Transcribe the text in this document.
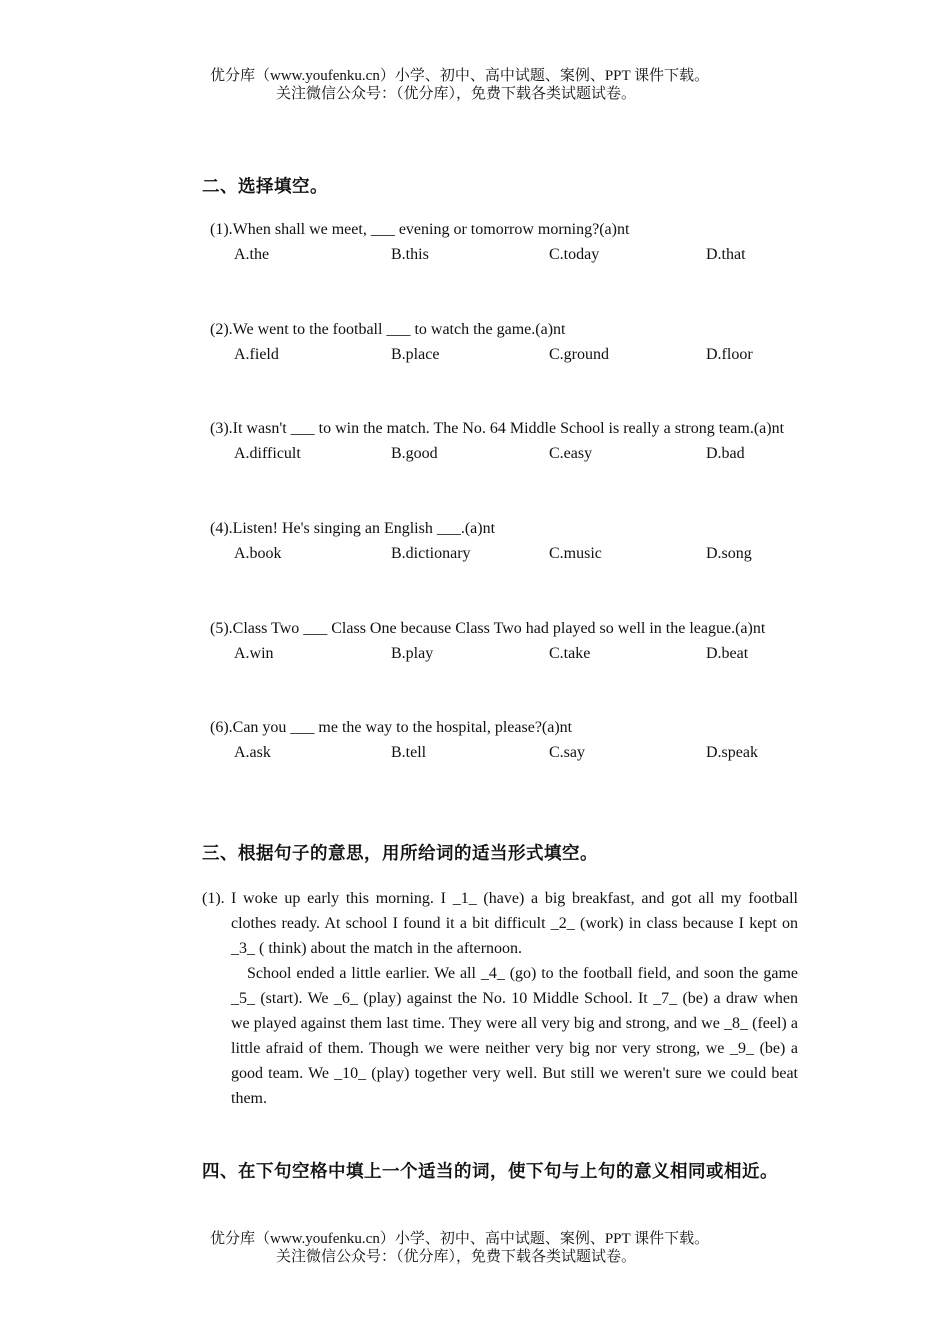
优分库（www.youfenku.cn）小学、初中、高中试题、案例、PPT 课件下载。
关注微信公众号：（优分库），免费下载各类试题试卷。
二、选择填空。
(1).When shall we meet, ___ evening or tomorrow morning?(a)nt
A.the	B.this	C.today	D.that
(2).We went to the football ___ to watch the game.(a)nt
A.field	B.place	C.ground	D.floor
(3).It wasn't ___ to win the match. The No. 64 Middle School is really a strong team.(a)nt
A.difficult	B.good	C.easy	D.bad
(4).Listen! He's singing an English ___.(a)nt
A.book	B.dictionary	C.music	D.song
(5).Class Two ___ Class One because Class Two had played so well in the league.(a)nt
A.win	B.play	C.take	D.beat
(6).Can you ___ me the way to the hospital, please?(a)nt
A.ask	B.tell	C.say	D.speak
三、根据句子的意思，用所给词的适当形式填空。
(1). I woke up early this morning. I _1_ (have) a big breakfast, and got all my football clothes ready. At school I found it a bit difficult _2_ (work) in class because I kept on _3_ ( think) about the match in the afternoon.
School ended a little earlier. We all _4_ (go) to the football field, and soon the game _5_ (start). We _6_ (play) against the No. 10 Middle School. It _7_ (be) a draw when we played against them last time. They were all very big and strong, and we _8_ (feel) a little afraid of them. Though we were neither very big nor very strong, we _9_ (be) a good team. We _10_ (play) together very well. But still we weren't sure we could beat them.
四、在下句空格中填上一个适当的词，使下句与上句的意义相同或相近。
优分库（www.youfenku.cn）小学、初中、高中试题、案例、PPT 课件下载。
关注微信公众号：（优分库），免费下载各类试题试卷。
